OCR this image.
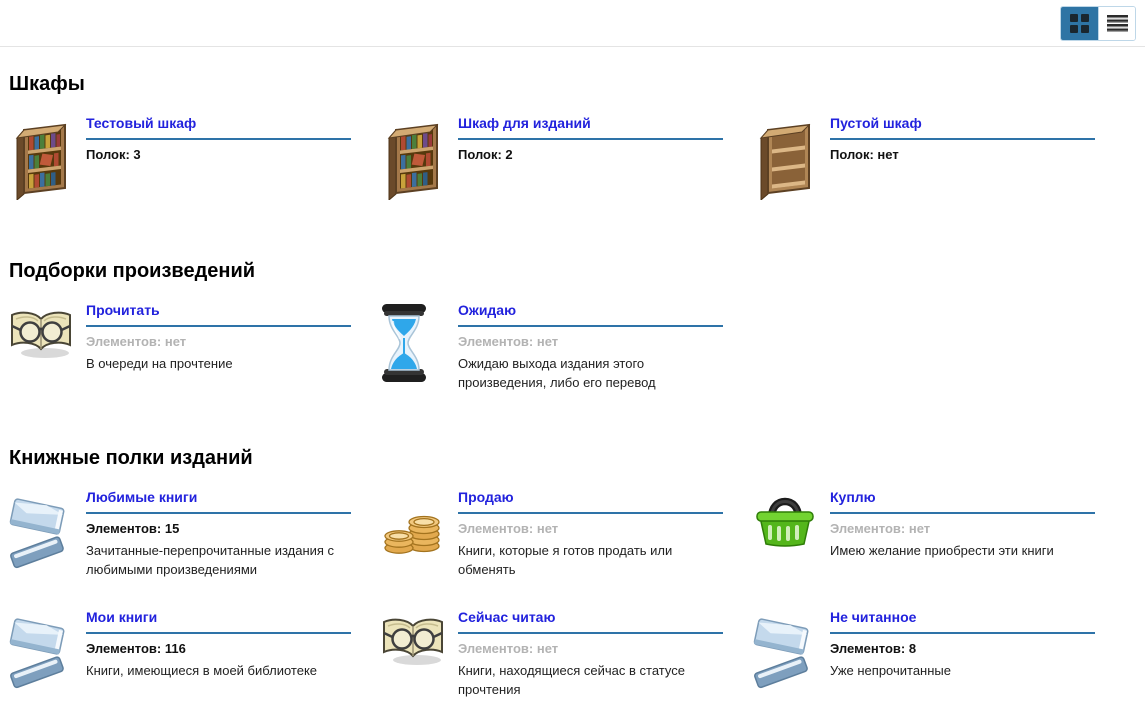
Шкафы
Тестовый шкаф
Полок: 3
Шкаф для изданий
Полок: 2
Пустой шкаф
Полок: нет
Подборки произведений
Прочитать
Элементов: нет
В очереди на прочтение
Ожидаю
Элементов: нет
Ожидаю выхода издания этого произведения, либо его перевод
Книжные полки изданий
Любимые книги
Элементов: 15
Зачитанные-перепрочитанные издания с любимыми произведениями
Продаю
Элементов: нет
Книги, которые я готов продать или обменять
Куплю
Элементов: нет
Имею желание приобрести эти книги
Мои книги
Элементов: 116
Книги, имеющиеся в моей библиотеке
Сейчас читаю
Элементов: нет
Книги, находящиеся сейчас в статусе прочтения
Не читанное
Элементов: 8
Уже непрочитанные
